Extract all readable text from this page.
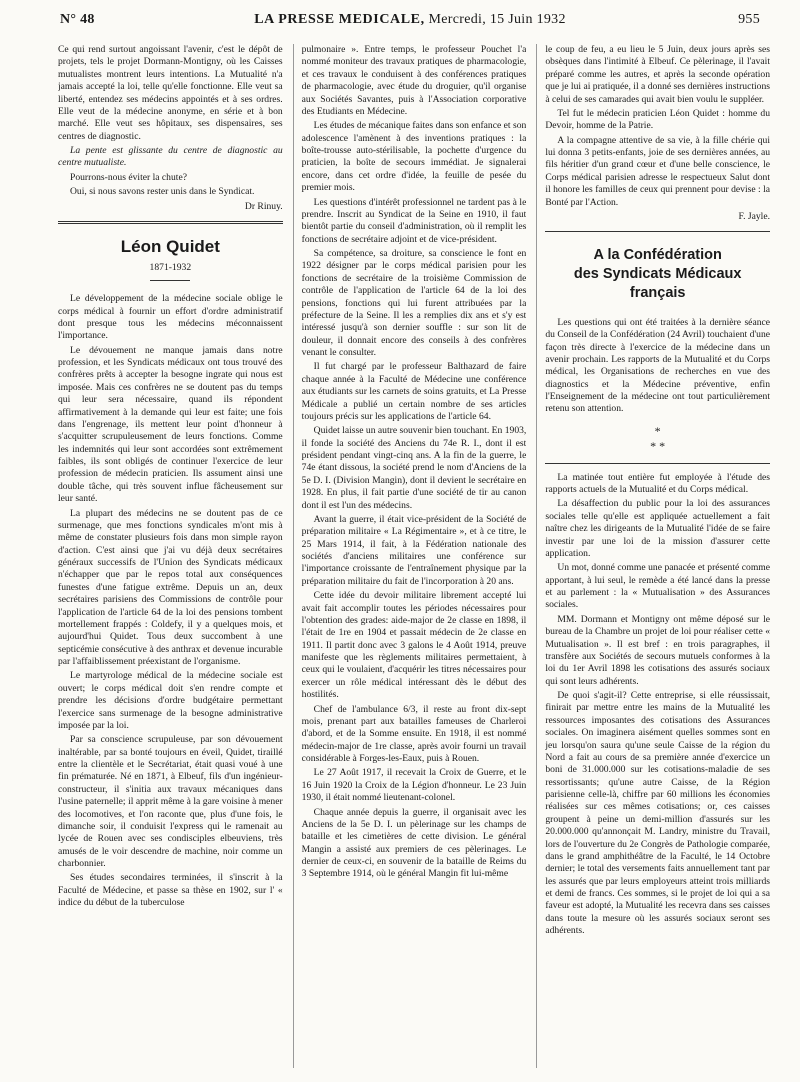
N° 48	LA PRESSE MEDICALE, Mercredi, 15 Juin 1932	955

Ce qui rend surtout angoissant l'avenir, c'est le dépôt de projets, tels le projet Dormann-Montigny, où les Caisses mutualistes montrent leurs intentions. La Mutualité n'a jamais accepté la loi, telle qu'elle fonctionne. Elle veut sa liberté, entendez ses médecins appointés et à ses ordres. Elle veut de la médecine anonyme, en série et à bon marché. Elle veut ses hôpitaux, ses dispensaires, ses centres de diagnostic.

La pente est glissante du centre de diagnostic au centre mutualiste.

Pourrons-nous éviter la chute?

Oui, si nous savons rester unis dans le Syndicat.

Dr Rinuy.
Léon Quidet
1871-1932

Le développement de la médecine sociale oblige le corps médical à fournir un effort d'ordre administratif dont presque tous les médecins méconnaissent l'importance.

Le dévouement ne manque jamais dans notre profession, et les Syndicats médicaux ont tous trouvé des confrères prêts à accepter la besogne ingrate qui nous est imposée. Mais ces confrères ne se doutent pas du temps qui leur sera nécessaire, quand ils répondent affirmativement à la demande qui leur est faite; une fois dans l'engrenage, ils mettent leur point d'honneur à s'acquitter scrupuleusement de leurs fonctions. Comme les indemnités qui leur sont accordées sont extrêmement faibles, ils sont obligés de continuer l'exercice de leur profession de médecin praticien. Ils assument ainsi une double tâche, qui très souvent influe fâcheusement sur leur santé.

La plupart des médecins ne se doutent pas de ce surmenage, que mes fonctions syndicales m'ont mis à même de constater plusieurs fois dans mon simple rayon d'action. C'est ainsi que j'ai vu déjà deux secrétaires généraux successifs de l'Union des Syndicats médicaux n'échapper que par le repos total aux conséquences funestes d'une fatigue extrême. Depuis un an, deux secrétaires parisiens des Commissions de contrôle pour l'application de l'article 64 de la loi des pensions tombent mortellement frappés : Coldefy, il y a quelques mois, et aujourd'hui Quidet. Tous deux succombent à une septicémie consécutive à des anthrax et devenue incurable par l'affaiblissement préexistant de l'organisme.

Le martyrologe médical de la médecine sociale est ouvert; le corps médical doit s'en rendre compte et prendre les décisions d'ordre budgétaire permettant l'exercice sans surmenage de la besogne administrative imposée par la loi.

Par sa conscience scrupuleuse, par son dévouement inaltérable, par sa bonté toujours en éveil, Quidet, tiraillé entre la clientèle et le Secrétariat, était quasi voué à une fin prématurée. Né en 1871, à Elbeuf, fils d'un ingénieur-constructeur, il s'initia aux travaux mécaniques dans l'usine paternelle; il apprit même à la gare voisine à mener des locomotives, et l'on raconte que, plus d'une fois, le dimanche soir, il conduisit l'express qui le ramenait au lycée de Rouen avec ses condisciples elbeuviens, très amusés de le voir descendre de machine, noir comme un charbonnier.

Ses études secondaires terminées, il s'inscrit à la Faculté de Médecine, et passe sa thèse en 1902, sur l' « indice du début de la tuberculose

pulmonaire ». Entre temps, le professeur Pouchet l'a nommé moniteur des travaux pratiques de pharmacologie, et ces travaux le conduisent à des conférences pratiques de pharmacologie, avec étude du droguier, qu'il organise aux Sociétés Savantes, puis à l'Association corporative des Etudiants en Médecine.

Les études de mécanique faites dans son enfance et son adolescence l'amènent à des inventions pratiques : la boîte-trousse auto-stérilisable, la pochette d'urgence du praticien, la boîte de secours immédiat. Je signalerai encore, dans cet ordre d'idée, la feuille de pesée du premier mois.

Les questions d'intérêt professionnel ne tardent pas à le prendre. Inscrit au Syndicat de la Seine en 1910, il faut bientôt partie du conseil d'administration, où il remplit les fonctions de secrétaire adjoint et de vice-président.

Sa compétence, sa droiture, sa conscience le font en 1922 désigner par le corps médical parisien pour les fonctions de secrétaire de la troisième Commission de contrôle de l'application de l'article 64 de la loi des pensions, fonctions qui lui furent attribuées par la préfecture de la Seine. Il les a remplies dix ans et s'y est intéressé jusqu'à son dernier souffle : sur son lit de douleur, il donnait encore des conseils à des confrères venant le consulter.

Il fut chargé par le professeur Balthazard de faire chaque année à la Faculté de Médecine une conférence aux étudiants sur les carnets de soins gratuits, et La Presse Médicale a publié un certain nombre de ses articles toujours précis sur les applications de l'article 64.

Quidet laisse un autre souvenir bien touchant. En 1903, il fonde la société des Anciens du 74e R. I., dont il est président pendant vingt-cinq ans. A la fin de la guerre, le 74e étant dissous, la société prend le nom d'Anciens de la 5e D. I. (Division Mangin), dont il devient le secrétaire en 1928. En plus, il fait partie d'une société de tir au canon dont il est l'un des médecins.

Avant la guerre, il était vice-président de la Société de préparation militaire « La Régimentaire », et à ce titre, le 25 Mars 1914, il fait, à la Fédération nationale des sociétés d'anciens militaires une conférence sur l'importance croissante de l'entraînement physique par la préparation militaire du fait de l'incorporation à 20 ans.

Cette idée du devoir militaire librement accepté lui avait fait accomplir toutes les périodes nécessaires pour l'obtention des grades: aide-major de 2e classe en 1898, il l'était de 1re en 1904 et passait médecin de 2e classe en 1911. Il partit donc avec 3 galons le 4 Août 1914, preuve manifeste que les règlements militaires permettaient, à ceux qui le voulaient, d'acquérir les titres nécessaires pour exercer un rôle médical intéressant dès le début des hostilités.

Chef de l'ambulance 6/3, il reste au front dix-sept mois, prenant part aux batailles fameuses de Charleroi d'abord, et de la Somme ensuite. En 1918, il est nommé médecin-major de 1re classe, après avoir fourni un travail considérable à Forges-les-Eaux, puis à Rouen.

Le 27 Août 1917, il recevait la Croix de Guerre, et le 16 Juin 1920 la Croix de la Légion d'honneur. Le 23 Juin 1930, il était nommé lieutenant-colonel.

Chaque année depuis la guerre, il organisait avec les Anciens de la 5e D. I. un pèlerinage sur les champs de bataille et les cimetières de cette division. Le général Mangin a assisté aux premiers de ces pèlerinages. Le dernier de ceux-ci, en souvenir de la bataille de Reims du 3 Septembre 1914, où le général Mangin fit lui-même

le coup de feu, a eu lieu le 5 Juin, deux jours après ses obsèques dans l'intimité à Elbeuf. Ce pèlerinage, il l'avait préparé comme les autres, et après la seconde opération que je lui ai pratiquée, il a donné ses dernières instructions à celui de ses camarades qui avait bien voulu le suppléer.

Tel fut le médecin praticien Léon Quidet : homme du Devoir, homme de la Patrie.

A la compagne attentive de sa vie, à la fille chérie qui lui donna 3 petits-enfants, joie de ses dernières années, au fils héritier d'un grand cœur et d'une belle conscience, le Corps médical parisien adresse le respectueux Salut dont il honore les familles de ceux qui prennent pour devise : la Bonté par l'Action.

F. Jayle.
A la Confédération
des Syndicats Médicaux français

Les questions qui ont été traitées à la dernière séance du Conseil de la Confédération (24 Avril) touchaient d'une façon très directe à l'exercice de la médecine dans un avenir prochain. Les rapports de la Mutualité et du Corps médical, les Organisations de recherches en vue des diagnostics et la Médecine préventive, enfin l'Enseignement de la médecine ont tout particulièrement retenu son attention.

*
* *

La matinée tout entière fut employée à l'étude des rapports actuels de la Mutualité et du Corps médical.

La désaffection du public pour la loi des assurances sociales telle qu'elle est appliquée actuellement a fait naître chez les dirigeants de la Mutualité l'idée de se faire investir par une loi de la mission d'assurer cette application.

Un mot, donné comme une panacée et présenté comme apportant, à lui seul, le remède a été lancé dans la presse et au parlement : la « Mutualisation » des Assurances sociales.

MM. Dormann et Montigny ont même déposé sur le bureau de la Chambre un projet de loi pour réaliser cette « Mutualisation ». Il est bref : en trois paragraphes, il transfère aux Sociétés de secours mutuels conformes à la loi du 1er Avril 1898 les cotisations des assurés sociaux qui sont leurs adhérents.

De quoi s'agit-il? Cette entreprise, si elle réussissait, finirait par mettre entre les mains de la Mutualité les ressources imposantes des cotisations des Assurances sociales. On imaginera aisément quelles sommes sont en jeu lorsqu'on saura qu'une seule Caisse de la région du Nord a fait au cours de sa première année d'exercice un boni de 31.000.000 sur les cotisations-maladie de ses ressortissants; qu'une autre Caisse, de la Région parisienne celle-là, chiffre par 60 millions les économies réalisées sur ces mêmes cotisations; or, ces caisses groupent à peine un demi-million d'assurés sur les 20.000.000 qu'annonçait M. Landry, ministre du Travail, lors de l'ouverture du 2e Congrès de Pathologie comparée, dans le grand amphithéâtre de la Faculté, le 14 Octobre dernier; le total des versements faits annuellement tant par les assurés que par leurs employeurs atteint trois milliards et demi de francs. Ces sommes, si le projet de loi qui a sa faveur est adopté, la Mutualité les recevra dans ses caisses dans toute la mesure où les assurés sociaux seront ses adhérents.
